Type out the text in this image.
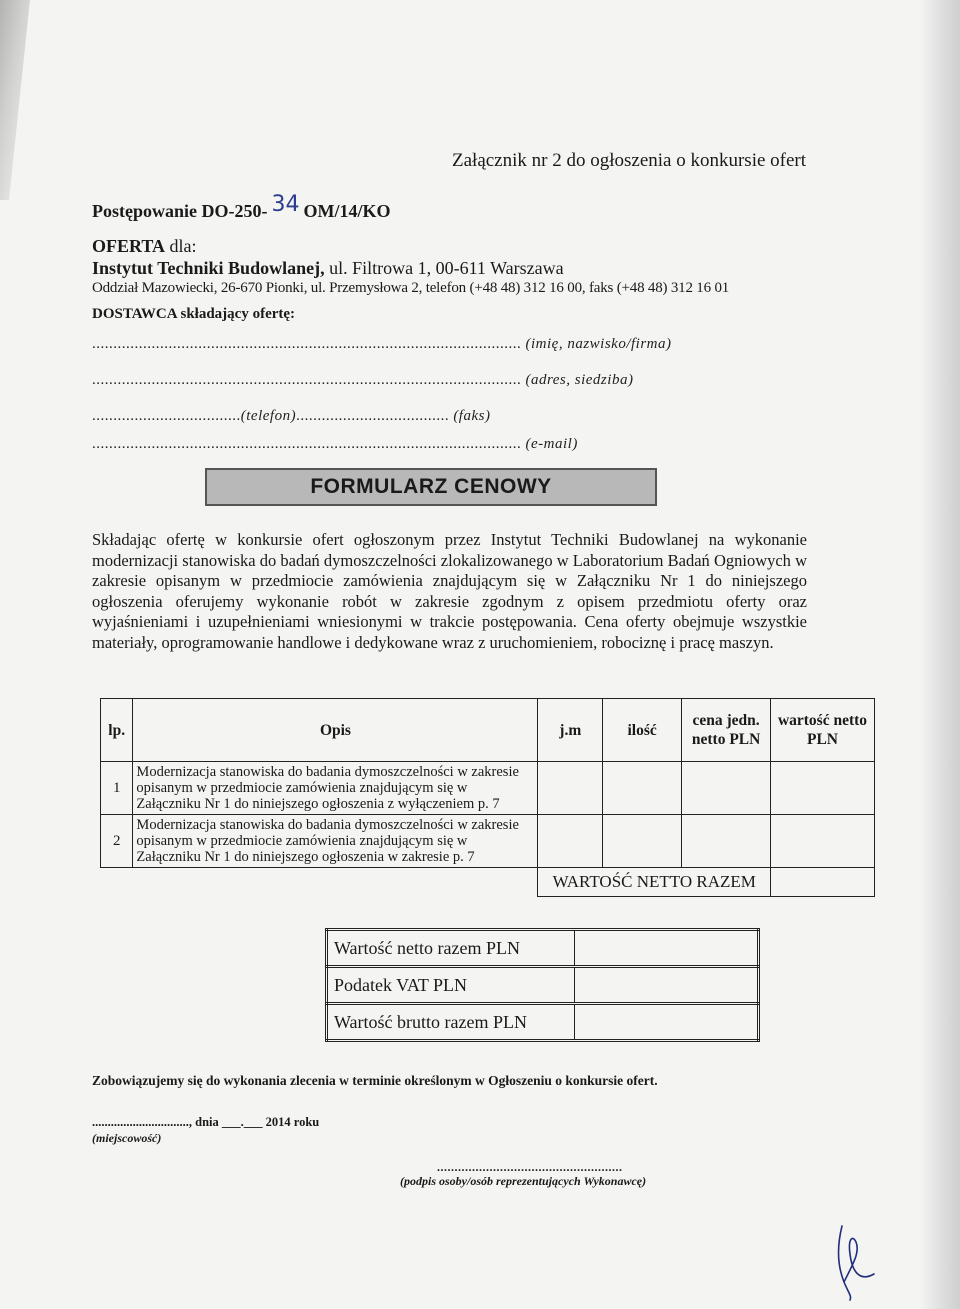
Załącznik nr 2 do ogłoszenia o konkursie ofert
Postępowanie DO-250- 34 OM/14/KO
OFERTA dla:
Instytut Techniki Budowlanej, ul. Filtrowa 1, 00-611 Warszawa
Oddział Mazowiecki, 26-670 Pionki, ul. Przemysłowa 2, telefon (+48 48) 312 16 00, faks (+48 48) 312 16 01
DOSTAWCA składający ofertę:
..................................................................................................... (imię, nazwisko/firma)
..................................................................................................... (adres, siedziba)
...................................(telefon).................................... (faks)
..................................................................................................... (e-mail)
FORMULARZ CENOWY
Składając ofertę w konkursie ofert ogłoszonym przez Instytut Techniki Budowlanej na wykonanie modernizacji stanowiska do badań dymoszczelności zlokalizowanego w Laboratorium Badań Ogniowych w zakresie opisanym w przedmiocie zamówienia znajdującym się w Załączniku Nr 1 do niniejszego ogłoszenia oferujemy wykonanie robót w zakresie zgodnym z opisem przedmiotu oferty oraz wyjaśnieniami i uzupełnieniami wniesionymi w trakcie postępowania. Cena oferty obejmuje wszystkie materiały, oprogramowanie handlowe i dedykowane wraz z uruchomieniem, robociznę i pracę maszyn.
lp.	Opis	j.m	ilość	cena jedn. netto PLN	wartość netto PLN
1	Modernizacja stanowiska do badania dymoszczelności w zakresie opisanym w przedmiocie zamówienia znajdującym się w Załączniku Nr 1 do niniejszego ogłoszenia z wyłączeniem p. 7				
2	Modernizacja stanowiska do badania dymoszczelności w zakresie opisanym w przedmiocie zamówienia znajdującym się w Załączniku Nr 1 do niniejszego ogłoszenia w zakresie p. 7				
		WARTOŚĆ NETTO RAZEM			
Wartość netto razem PLN	
Podatek VAT PLN	
Wartość brutto razem PLN	
Zobowiązujemy się do wykonania zlecenia w terminie określonym w Ogłoszeniu o konkursie ofert.
..............................., dnia ___.___ 2014 roku
(miejscowość)
.....................................................
(podpis osoby/osób reprezentujących Wykonawcę)
